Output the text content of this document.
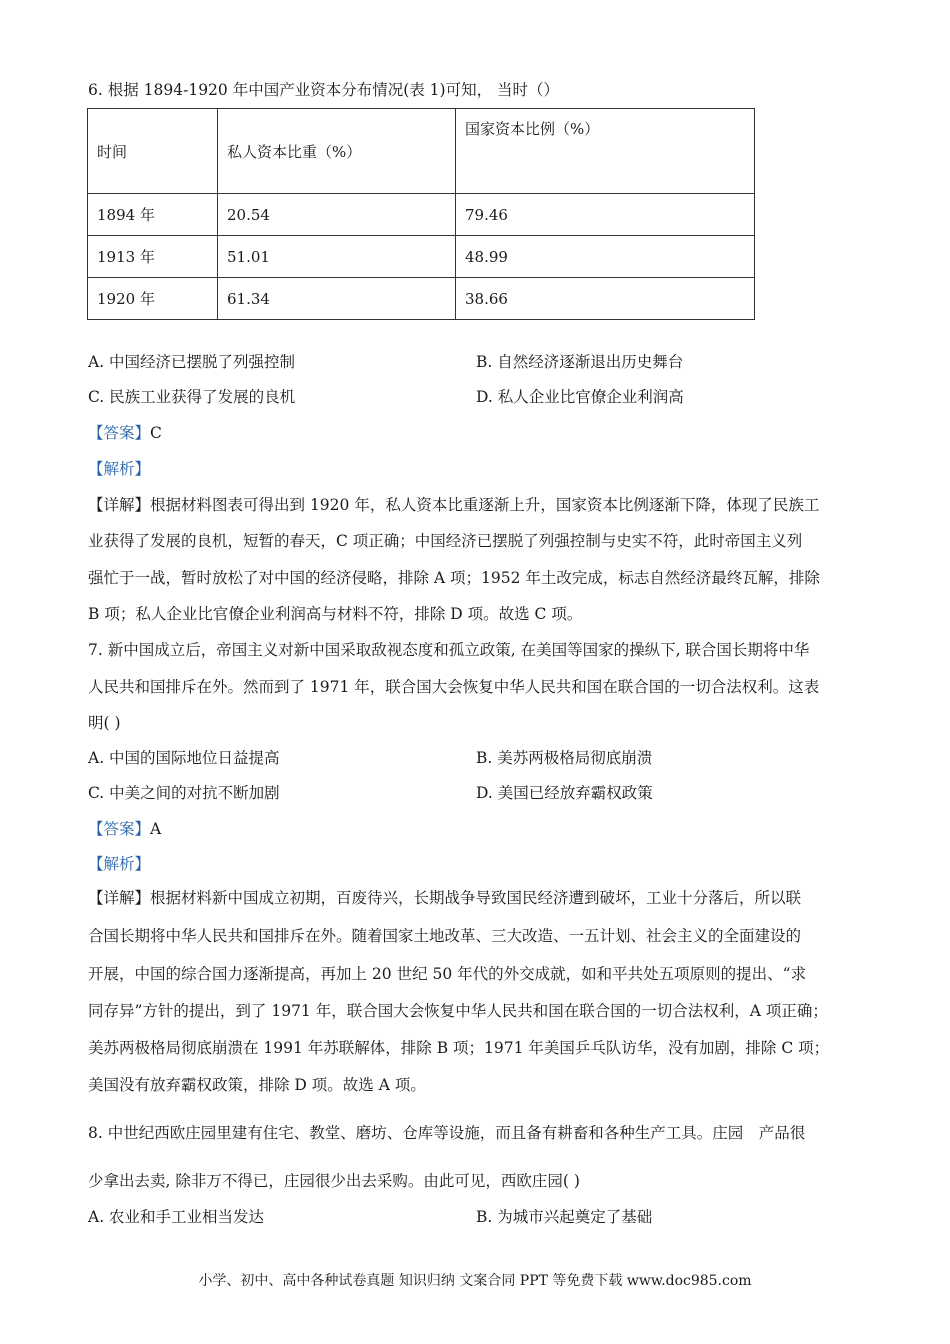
6. 根据 1894-1920 年中国产业资本分布情况(表 1)可知， 当时（）
时间	私人资本比重（%）	国家资本比例（%）
1894 年	20.54	79.46
1913 年	51.01	48.99
1920 年	61.34	38.66
A. 中国经济已摆脱了列强控制	B. 自然经济逐渐退出历史舞台
C. 民族工业获得了发展的良机	D. 私人企业比官僚企业利润高
【答案】C
【解析】
【详解】根据材料图表可得出到 1920 年，私人资本比重逐渐上升，国家资本比例逐渐下降，体现了民族工
业获得了发展的良机，短暂的春天，C 项正确；中国经济已摆脱了列强控制与史实不符，此时帝国主义列
强忙于一战，暂时放松了对中国的经济侵略，排除 A 项；1952 年土改完成，标志自然经济最终瓦解，排除
B 项；私人企业比官僚企业利润高与材料不符，排除 D 项。故选 C 项。
7. 新中国成立后，帝国主义对新中国采取敌视态度和孤立政策, 在美国等国家的操纵下, 联合国长期将中华
人民共和国排斥在外。然而到了 1971 年，联合国大会恢复中华人民共和国在联合国的一切合法权利。这表
明( )
A. 中国的国际地位日益提高	B. 美苏两极格局彻底崩溃
C. 中美之间的对抗不断加剧	D. 美国已经放弃霸权政策
【答案】A
【解析】
【详解】根据材料新中国成立初期，百废待兴，长期战争导致国民经济遭到破坏，工业十分落后，所以联
合国长期将中华人民共和国排斥在外。随着国家土地改革、三大改造、一五计划、社会主义的全面建设的
开展，中国的综合国力逐渐提高，再加上 20 世纪 50 年代的外交成就，如和平共处五项原则的提出、“求
同存异”方针的提出，到了 1971 年，联合国大会恢复中华人民共和国在联合国的一切合法权利，A 项正确；
美苏两极格局彻底崩溃在 1991 年苏联解体，排除 B 项；1971 年美国乒乓队访华，没有加剧，排除 C 项；
美国没有放弃霸权政策，排除 D 项。故选 A 项。
8. 中世纪西欧庄园里建有住宅、教堂、磨坊、仓库等设施，而且备有耕畜和各种生产工具。庄园　产品很
少拿出去卖, 除非万不得已，庄园很少出去采购。由此可见，西欧庄园( )
A. 农业和手工业相当发达	B. 为城市兴起奠定了基础
小学、初中、高中各种试卷真题 知识归纳 文案合同 PPT 等免费下载 www.doc985.com
